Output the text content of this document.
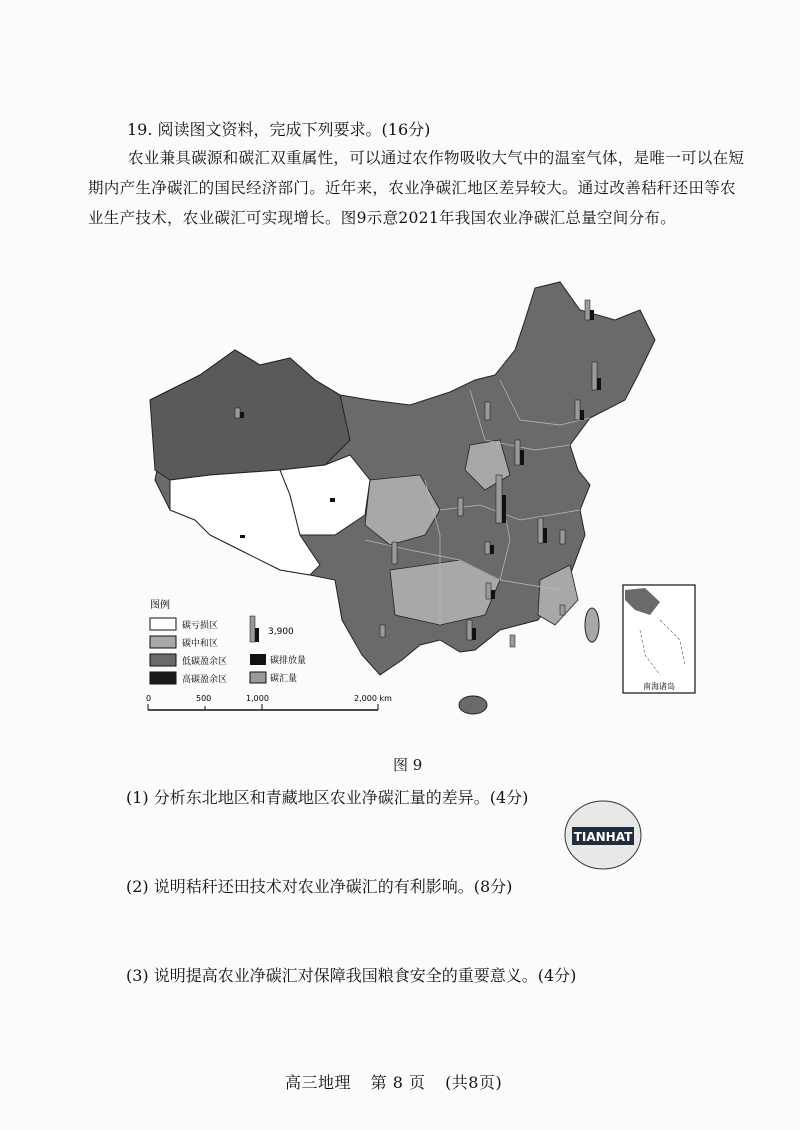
19. 阅读图文资料，完成下列要求。(16分)
农业兼具碳源和碳汇双重属性，可以通过农作物吸收大气中的温室气体，是唯一可以在短期内产生净碳汇的国民经济部门。近年来，农业净碳汇地区差异较大。通过改善秸秆还田等农业生产技术，农业碳汇可实现增长。图9示意2021年我国农业净碳汇总量空间分布。
南海诸岛
图例
碳亏损区
碳中和区
低碳盈余区
高碳盈余区
3,900
碳排放量
碳汇量
0	500	1,000	2,000 km
图 9
(1) 分析东北地区和青藏地区农业净碳汇量的差异。(4分)
(2) 说明秸秆还田技术对农业净碳汇的有利影响。(8分)
(3) 说明提高农业净碳汇对保障我国粮食安全的重要意义。(4分)
TIANHAT
高三地理 第 8 页 (共8页)
